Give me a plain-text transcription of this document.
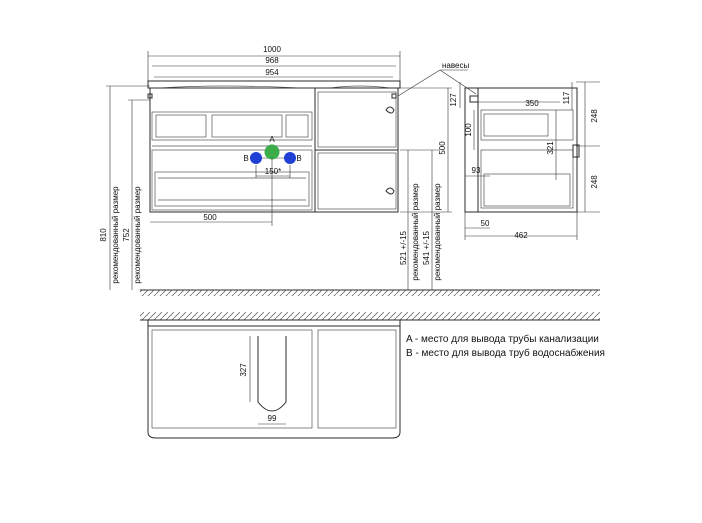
1000
968
954
навесы
A
B	B
150*
500
810 рекомендованный размер 752 рекомендованный размер	521 +/-15 рекомендованный размер 541 +/-15 рекомендованный размер
500
350
127	117
248
248
100
321
93
50
462
327
99
A - место для вывода трубы канализации
B - место для вывода труб водоснабжения
